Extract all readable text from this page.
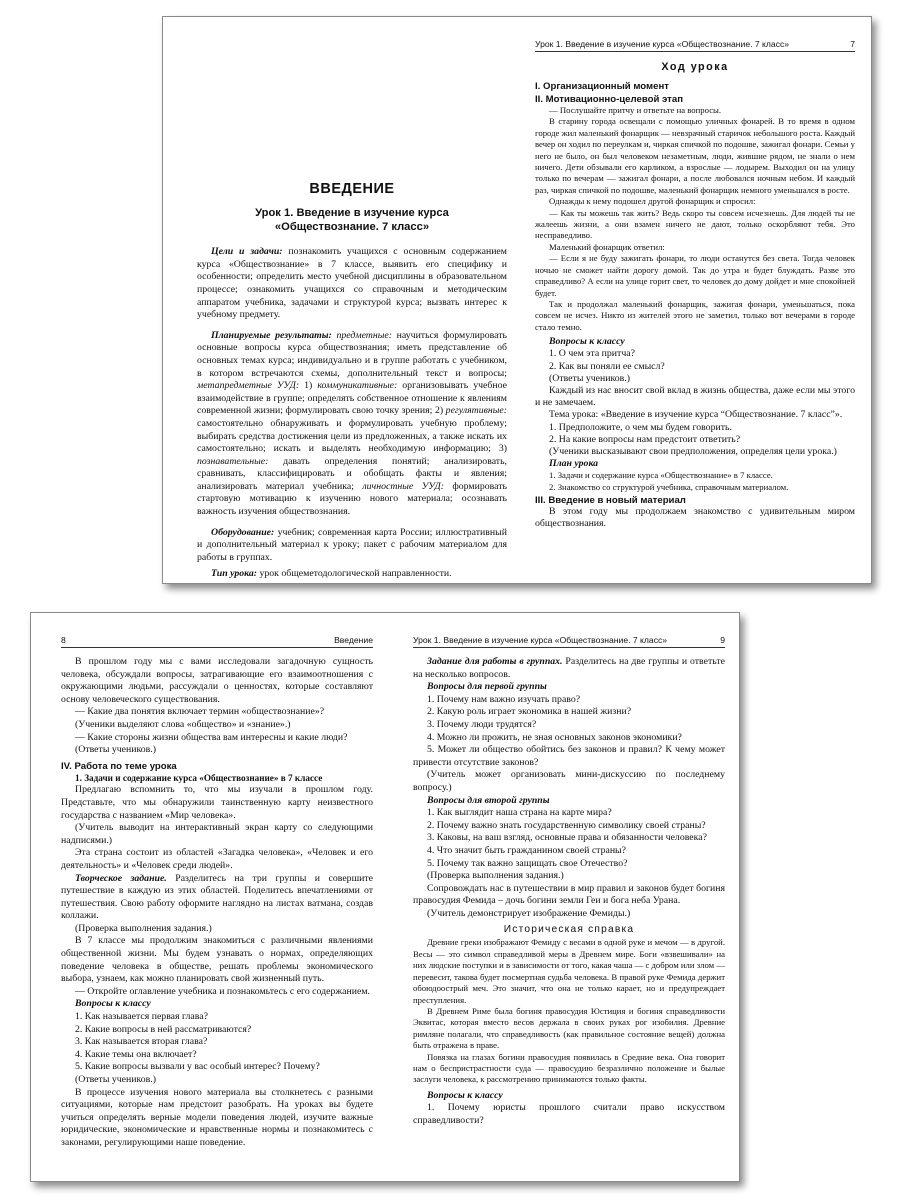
ВВЕДЕНИЕ
Урок 1. Введение в изучение курса
«Обществознание. 7 класс»

Цели и задачи: познакомить учащихся с основным содержанием курса «Обществознание» в 7 классе, выявить его специфику и особенности; определить место учебной дисциплины в образовательном процессе; ознакомить учащихся со справочным и методическим аппаратом учебника, задачами и структурой курса; вызвать интерес к учебному предмету.

Планируемые результаты: предметные: научиться формулировать основные вопросы курса обществознания; иметь представление об основных темах курса; индивидуально и в группе работать с учебником, в котором встречаются схемы, дополнительный текст и вопросы; метапредметные УУД: 1) коммуникативные: организовывать учебное взаимодействие в группе; определять собственное отношение к явлениям современной жизни; формулировать свою точку зрения; 2) регулятивные: самостоятельно обнаруживать и формулировать учебную проблему; выбирать средства достижения цели из предложенных, а также искать их самостоятельно; искать и выделять необходимую информацию; 3) познавательные: давать определения понятий; анализировать, сравнивать, классифицировать и обобщать факты и явления; анализировать материал учебника; личностные УУД: формировать стартовую мотивацию к изучению нового материала; осознавать важность изучения обществознания.

Оборудование: учебник; современная карта России; иллюстративный и дополнительный материал к уроку; пакет с рабочим материалом для работы в группах.

Тип урока: урок общеметодологической направленности.

Урок 1. Введение в изучение курса «Обществознание. 7 класс»	7
Ход урока
I. Организационный момент
II. Мотивационно-целевой этап

— Послушайте притчу и ответьте на вопросы.

В старину города освещали с помощью уличных фонарей. В то время в одном городе жил маленький фонарщик — невзрачный старичок небольшого роста. Каждый вечер он ходил по переулкам и, чиркая спичкой по подошве, зажигал фонари. Семьи у него не было, он был человеком незаметным, люди, жившие рядом, не знали о нем ничего. Дети обзывали его карликом, а взрослые — лодырем. Выходил он на улицу только по вечерам — зажигал фонари, а после любовался ночным небом. И каждый раз, чиркая спичкой по подошве, маленький фонарщик немного уменьшался в росте.

Однажды к нему подошел другой фонарщик и спросил:

— Как ты можешь так жить? Ведь скоро ты совсем исчезнешь. Для людей ты не жалеешь жизни, а они взамен ничего не дают, только оскорбляют тебя. Это несправедливо.

Маленький фонарщик ответил:

— Если я не буду зажигать фонари, то люди останутся без света. Тогда человек ночью не сможет найти дорогу домой. Так до утра и будет блуждать. Разве это справедливо? А если на улице горит свет, то человек до дому дойдет и мне спокойней будет.

Так и продолжал маленький фонарщик, зажигая фонари, уменьшаться, пока совсем не исчез. Никто из жителей этого не заметил, только вот вечерами в городе стало темно.

Вопросы к классу

1. О чем эта притча?

2. Как вы поняли ее смысл?

(Ответы учеников.)

Каждый из нас вносит свой вклад в жизнь общества, даже если мы этого и не замечаем.

Тема урока: «Введение в изучение курса “Обществознание. 7 класс”».

1. Предположите, о чем мы будем говорить.

2. На какие вопросы нам предстоит ответить?

(Ученики высказывают свои предположения, определяя цели урока.)

План урока

1. Задачи и содержание курса «Обществознание» в 7 классе.

2. Знакомство со структурой учебника, справочным материалом.

III. Введение в новый материал

В этом году мы продолжаем знакомство с удивительным миром обществознания.

8	Введение

В прошлом году мы с вами исследовали загадочную сущность человека, обсуждали вопросы, затрагивающие его взаимоотношения с окружающими людьми, рассуждали о ценностях, которые составляют основу человеческого существования.

— Какие два понятия включает термин «обществознание»?

(Ученики выделяют слова «общество» и «знание».)

— Какие стороны жизни общества вам интересны и какие люди?

(Ответы учеников.)

IV. Работа по теме урока

1. Задачи и содержание курса «Обществознание» в 7 классе

Предлагаю вспомнить то, что мы изучали в прошлом году. Представьте, что мы обнаружили таинственную карту неизвестного государства с названием «Мир человека».

(Учитель выводит на интерактивный экран карту со следующими надписями.)

Эта страна состоит из областей «Загадка человека», «Человек и его деятельность» и «Человек среди людей».

Творческое задание. Разделитесь на три группы и совершите путешествие в каждую из этих областей. Поделитесь впечатлениями от путешествия. Свою работу оформите наглядно на листах ватмана, создав коллажи.

(Проверка выполнения задания.)

В 7 классе мы продолжим знакомиться с различными явлениями общественной жизни. Мы будем узнавать о нормах, определяющих поведение человека в обществе, решать проблемы экономического выбора, узнаем, как можно планировать свой жизненный путь.

— Откройте оглавление учебника и познакомьтесь с его содержанием.

Вопросы к классу

1. Как называется первая глава?

2. Какие вопросы в ней рассматриваются?

3. Как называется вторая глава?

4. Какие темы она включает?

5. Какие вопросы вызвали у вас особый интерес? Почему?

(Ответы учеников.)

В процессе изучения нового материала вы столкнетесь с разными ситуациями, которые нам предстоит разобрать. На уроках вы будете учиться определять верные модели поведения людей, изучите важные юридические, экономические и нравственные нормы и познакомитесь с законами, регулирующими наше поведение.

Урок 1. Введение в изучение курса «Обществознание. 7 класс»	9

Задание для работы в группах. Разделитесь на две группы и ответьте на несколько вопросов.

Вопросы для первой группы

1. Почему нам важно изучать право?

2. Какую роль играет экономика в нашей жизни?

3. Почему люди трудятся?

4. Можно ли прожить, не зная основных законов экономики?

5. Может ли общество обойтись без законов и правил? К чему может привести отсутствие законов?

(Учитель может организовать мини-дискуссию по последнему вопросу.)

Вопросы для второй группы

1. Как выглядит наша страна на карте мира?

2. Почему важно знать государственную символику своей страны?

3. Каковы, на ваш взгляд, основные права и обязанности человека?

4. Что значит быть гражданином своей страны?

5. Почему так важно защищать свое Отечество?

(Проверка выполнения задания.)

Сопровождать нас в путешествии в мир правил и законов будет богиня правосудия Фемида – дочь богини земли Геи и бога неба Урана.

(Учитель демонстрирует изображение Фемиды.)

Историческая справка

Древние греки изображают Фемиду с весами в одной руке и мечом — в другой. Весы — это символ справедливой меры в Древнем мире. Боги «взвешивали» на них людские поступки и в зависимости от того, какая чаша — с добром или злом — перевесит, такова будет посмертная судьба человека. В правой руке Фемида держит обоюдоострый меч. Это значит, что она не только карает, но и предупреждает преступления.

В Древнем Риме была богиня правосудия Юстиция и богиня справедливости Эквитас, которая вместо весов держала в своих руках рог изобилия. Древние римляне полагали, что справедливость (как правильное состояние вещей) должна быть отражена в праве.

Повязка на глазах богини правосудия появилась в Средние века. Она говорит нам о беспристрастности суда — правосудию безразлично положение и былые заслуги человека, к рассмотрению принимаются только факты.

Вопросы к классу

1. Почему юристы прошлого считали право искусством справедливости?
